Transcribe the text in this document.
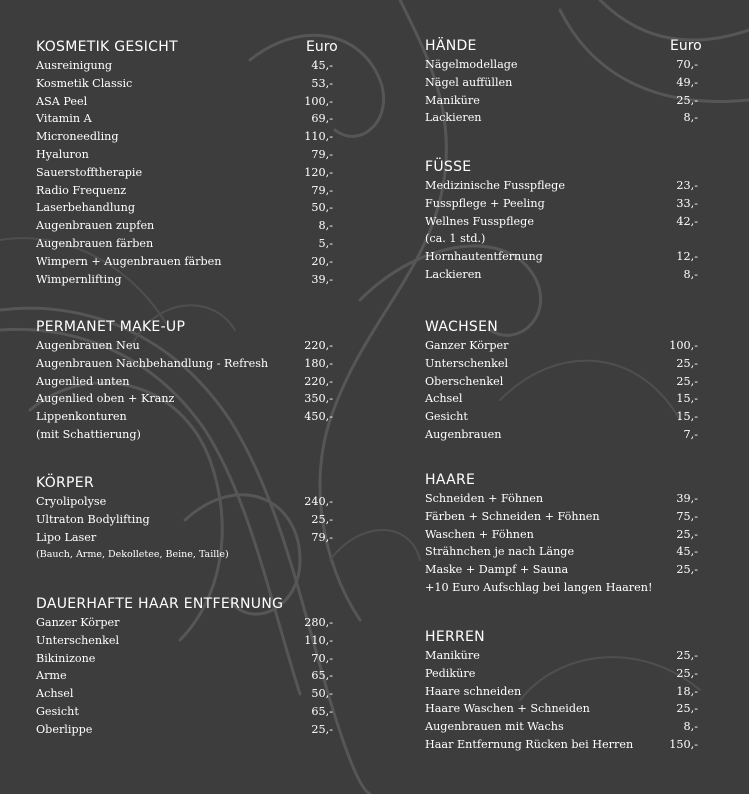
KOSMETIK GESICHT	Euro
Ausreinigung	45,-
Kosmetik Classic	53,-
ASA Peel	100,-
Vitamin A	69,-
Microneedling	110,-
Hyaluron	79,-
Sauerstofftherapie	120,-
Radio Frequenz	79,-
Laserbehandlung	50,-
Augenbrauen zupfen	8,-
Augenbrauen färben	5,-
Wimpern + Augenbrauen färben	20,-
Wimpernlifting	39,-
PERMANET MAKE-UP
Augenbrauen Neu	220,-
Augenbrauen Nachbehandlung - Refresh	180,-
Augenlied unten	220,-
Augenlied oben + Kranz	350,-
Lippenkonturen	450,-
(mit Schattierung)
KÖRPER
Cryolipolyse	240,-
Ultraton Bodylifting	25,-
Lipo Laser	79,-
(Bauch, Arme, Dekolletee, Beine, Taille)
DAUERHAFTE HAAR ENTFERNUNG
Ganzer Körper	280,-
Unterschenkel	110,-
Bikinizone	70,-
Arme	65,-
Achsel	50,-
Gesicht	65,-
Oberlippe	25,-
HÄNDE	Euro
Nägelmodellage	70,-
Nägel auffüllen	49,-
Maniküre	25,-
Lackieren	8,-
FÜSSE
Medizinische Fusspflege	23,-
Fusspflege + Peeling	33,-
Wellnes Fusspflege	42,-
(ca. 1 std.)
Hornhautentfernung	12,-
Lackieren	8,-
WACHSEN
Ganzer Körper	100,-
Unterschenkel	25,-
Oberschenkel	25,-
Achsel	15,-
Gesicht	15,-
Augenbrauen	7,-
HAARE
Schneiden + Föhnen	39,-
Färben + Schneiden + Föhnen	75,-
Waschen + Föhnen	25,-
Strähnchen je nach Länge	45,-
Maske + Dampf + Sauna	25,-
+10 Euro Aufschlag bei langen Haaren!
HERREN
Maniküre	25,-
Pediküre	25,-
Haare schneiden	18,-
Haare Waschen + Schneiden	25,-
Augenbrauen mit Wachs	8,-
Haar Entfernung Rücken bei Herren	150,-
